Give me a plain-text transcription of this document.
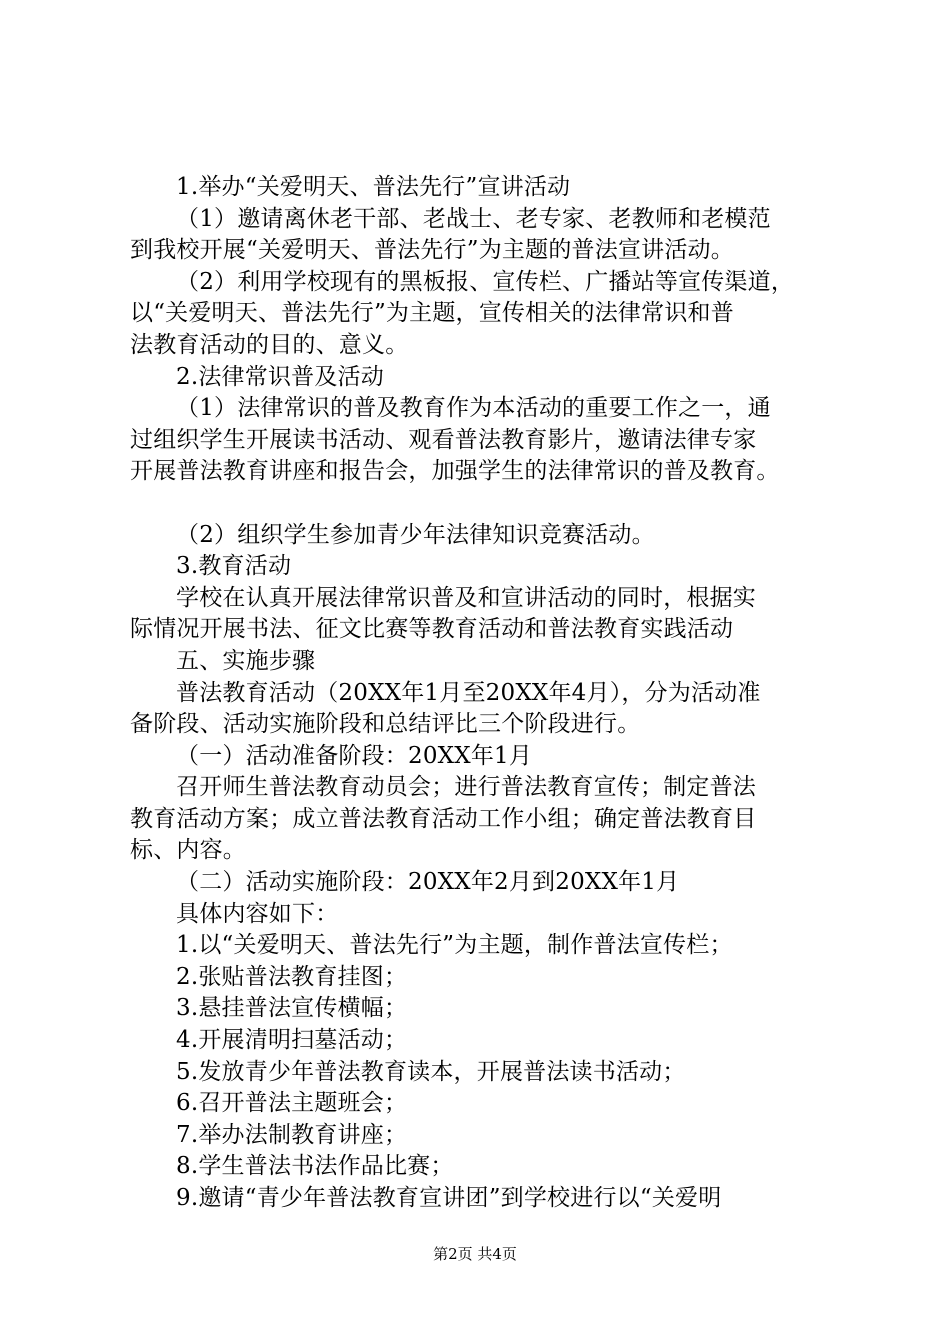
1.举办“关爱明天、普法先行”宣讲活动
（1）邀请离休老干部、老战士、老专家、老教师和老模范
到我校开展“关爱明天、普法先行”为主题的普法宣讲活动。
（2）利用学校现有的黑板报、宣传栏、广播站等宣传渠道，
以“关爱明天、普法先行”为主题，宣传相关的法律常识和普
法教育活动的目的、意义。
2.法律常识普及活动
（1）法律常识的普及教育作为本活动的重要工作之一，通
过组织学生开展读书活动、观看普法教育影片，邀请法律专家
开展普法教育讲座和报告会，加强学生的法律常识的普及教育。
（2）组织学生参加青少年法律知识竞赛活动。
3.教育活动
学校在认真开展法律常识普及和宣讲活动的同时，根据实
际情况开展书法、征文比赛等教育活动和普法教育实践活动
五、实施步骤
普法教育活动（20XX年1月至20XX年4月），分为活动准
备阶段、活动实施阶段和总结评比三个阶段进行。
（一）活动准备阶段：20XX年1月
召开师生普法教育动员会；进行普法教育宣传；制定普法
教育活动方案；成立普法教育活动工作小组；确定普法教育目
标、内容。
（二）活动实施阶段：20XX年2月到20XX年1月
具体内容如下：
1.以“关爱明天、普法先行”为主题，制作普法宣传栏；
2.张贴普法教育挂图；
3.悬挂普法宣传横幅；
4.开展清明扫墓活动；
5.发放青少年普法教育读本，开展普法读书活动；
6.召开普法主题班会；
7.举办法制教育讲座；
8.学生普法书法作品比赛；
9.邀请“青少年普法教育宣讲团”到学校进行以“关爱明
第2页 共4页
